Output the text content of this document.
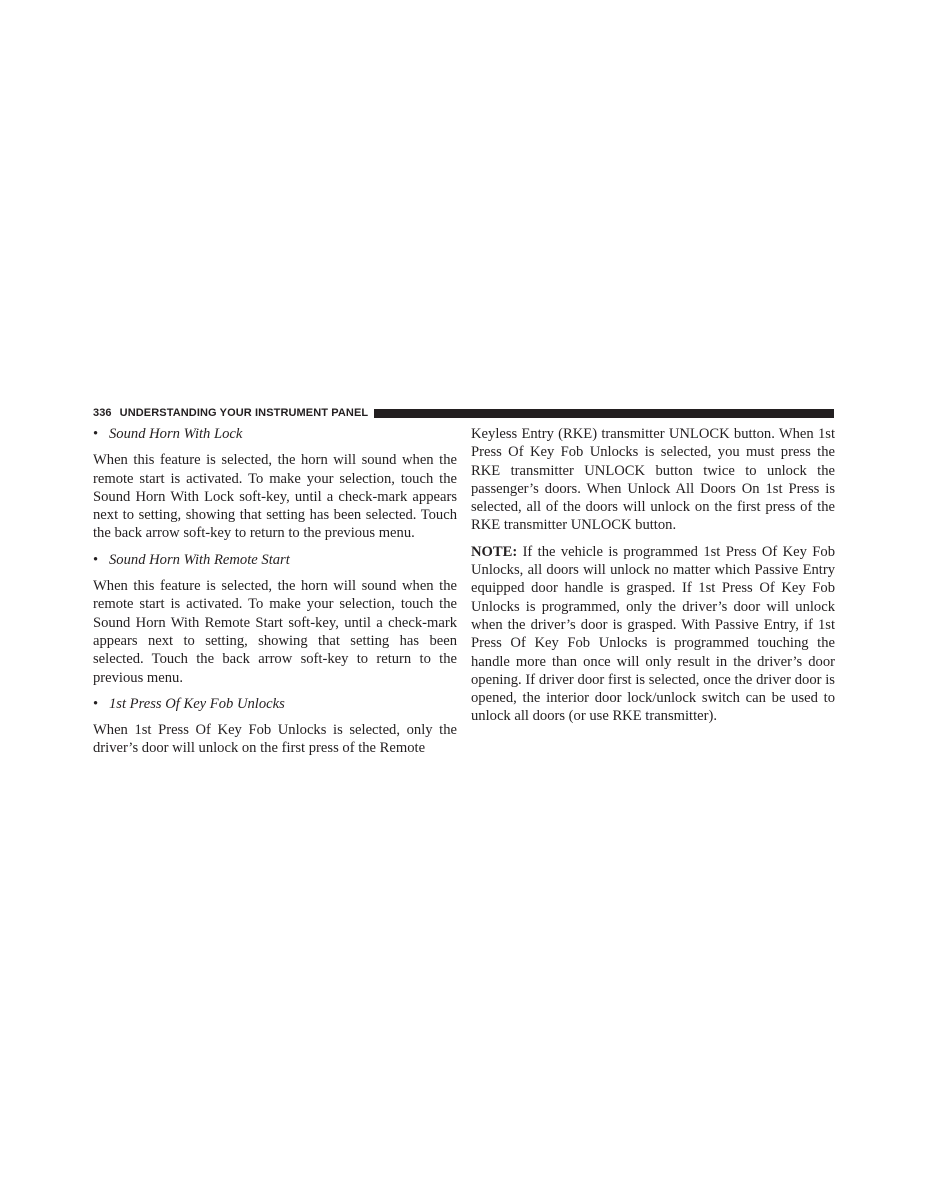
336 UNDERSTANDING YOUR INSTRUMENT PANEL
• Sound Horn With Lock

When this feature is selected, the horn will sound when the remote start is activated. To make your selection, touch the Sound Horn With Lock soft-key, until a check-mark appears next to setting, showing that setting has been selected. Touch the back arrow soft-key to return to the previous menu.

• Sound Horn With Remote Start

When this feature is selected, the horn will sound when the remote start is activated. To make your selection, touch the Sound Horn With Remote Start soft-key, until a check-mark appears next to setting, showing that setting has been selected. Touch the back arrow soft-key to return to the previous menu.

• 1st Press Of Key Fob Unlocks

When 1st Press Of Key Fob Unlocks is selected, only the driver’s door will unlock on the first press of the Remote

Keyless Entry (RKE) transmitter UNLOCK button. When 1st Press Of Key Fob Unlocks is selected, you must press the RKE transmitter UNLOCK button twice to unlock the passenger’s doors. When Unlock All Doors On 1st Press is selected, all of the doors will unlock on the first press of the RKE transmitter UNLOCK button.

NOTE: If the vehicle is programmed 1st Press Of Key Fob Unlocks, all doors will unlock no matter which Passive Entry equipped door handle is grasped. If 1st Press Of Key Fob Unlocks is programmed, only the driver’s door will unlock when the driver’s door is grasped. With Passive Entry, if 1st Press Of Key Fob Unlocks is programmed touching the handle more than once will only result in the driver’s door opening. If driver door first is selected, once the driver door is opened, the interior door lock/unlock switch can be used to unlock all doors (or use RKE transmitter).
